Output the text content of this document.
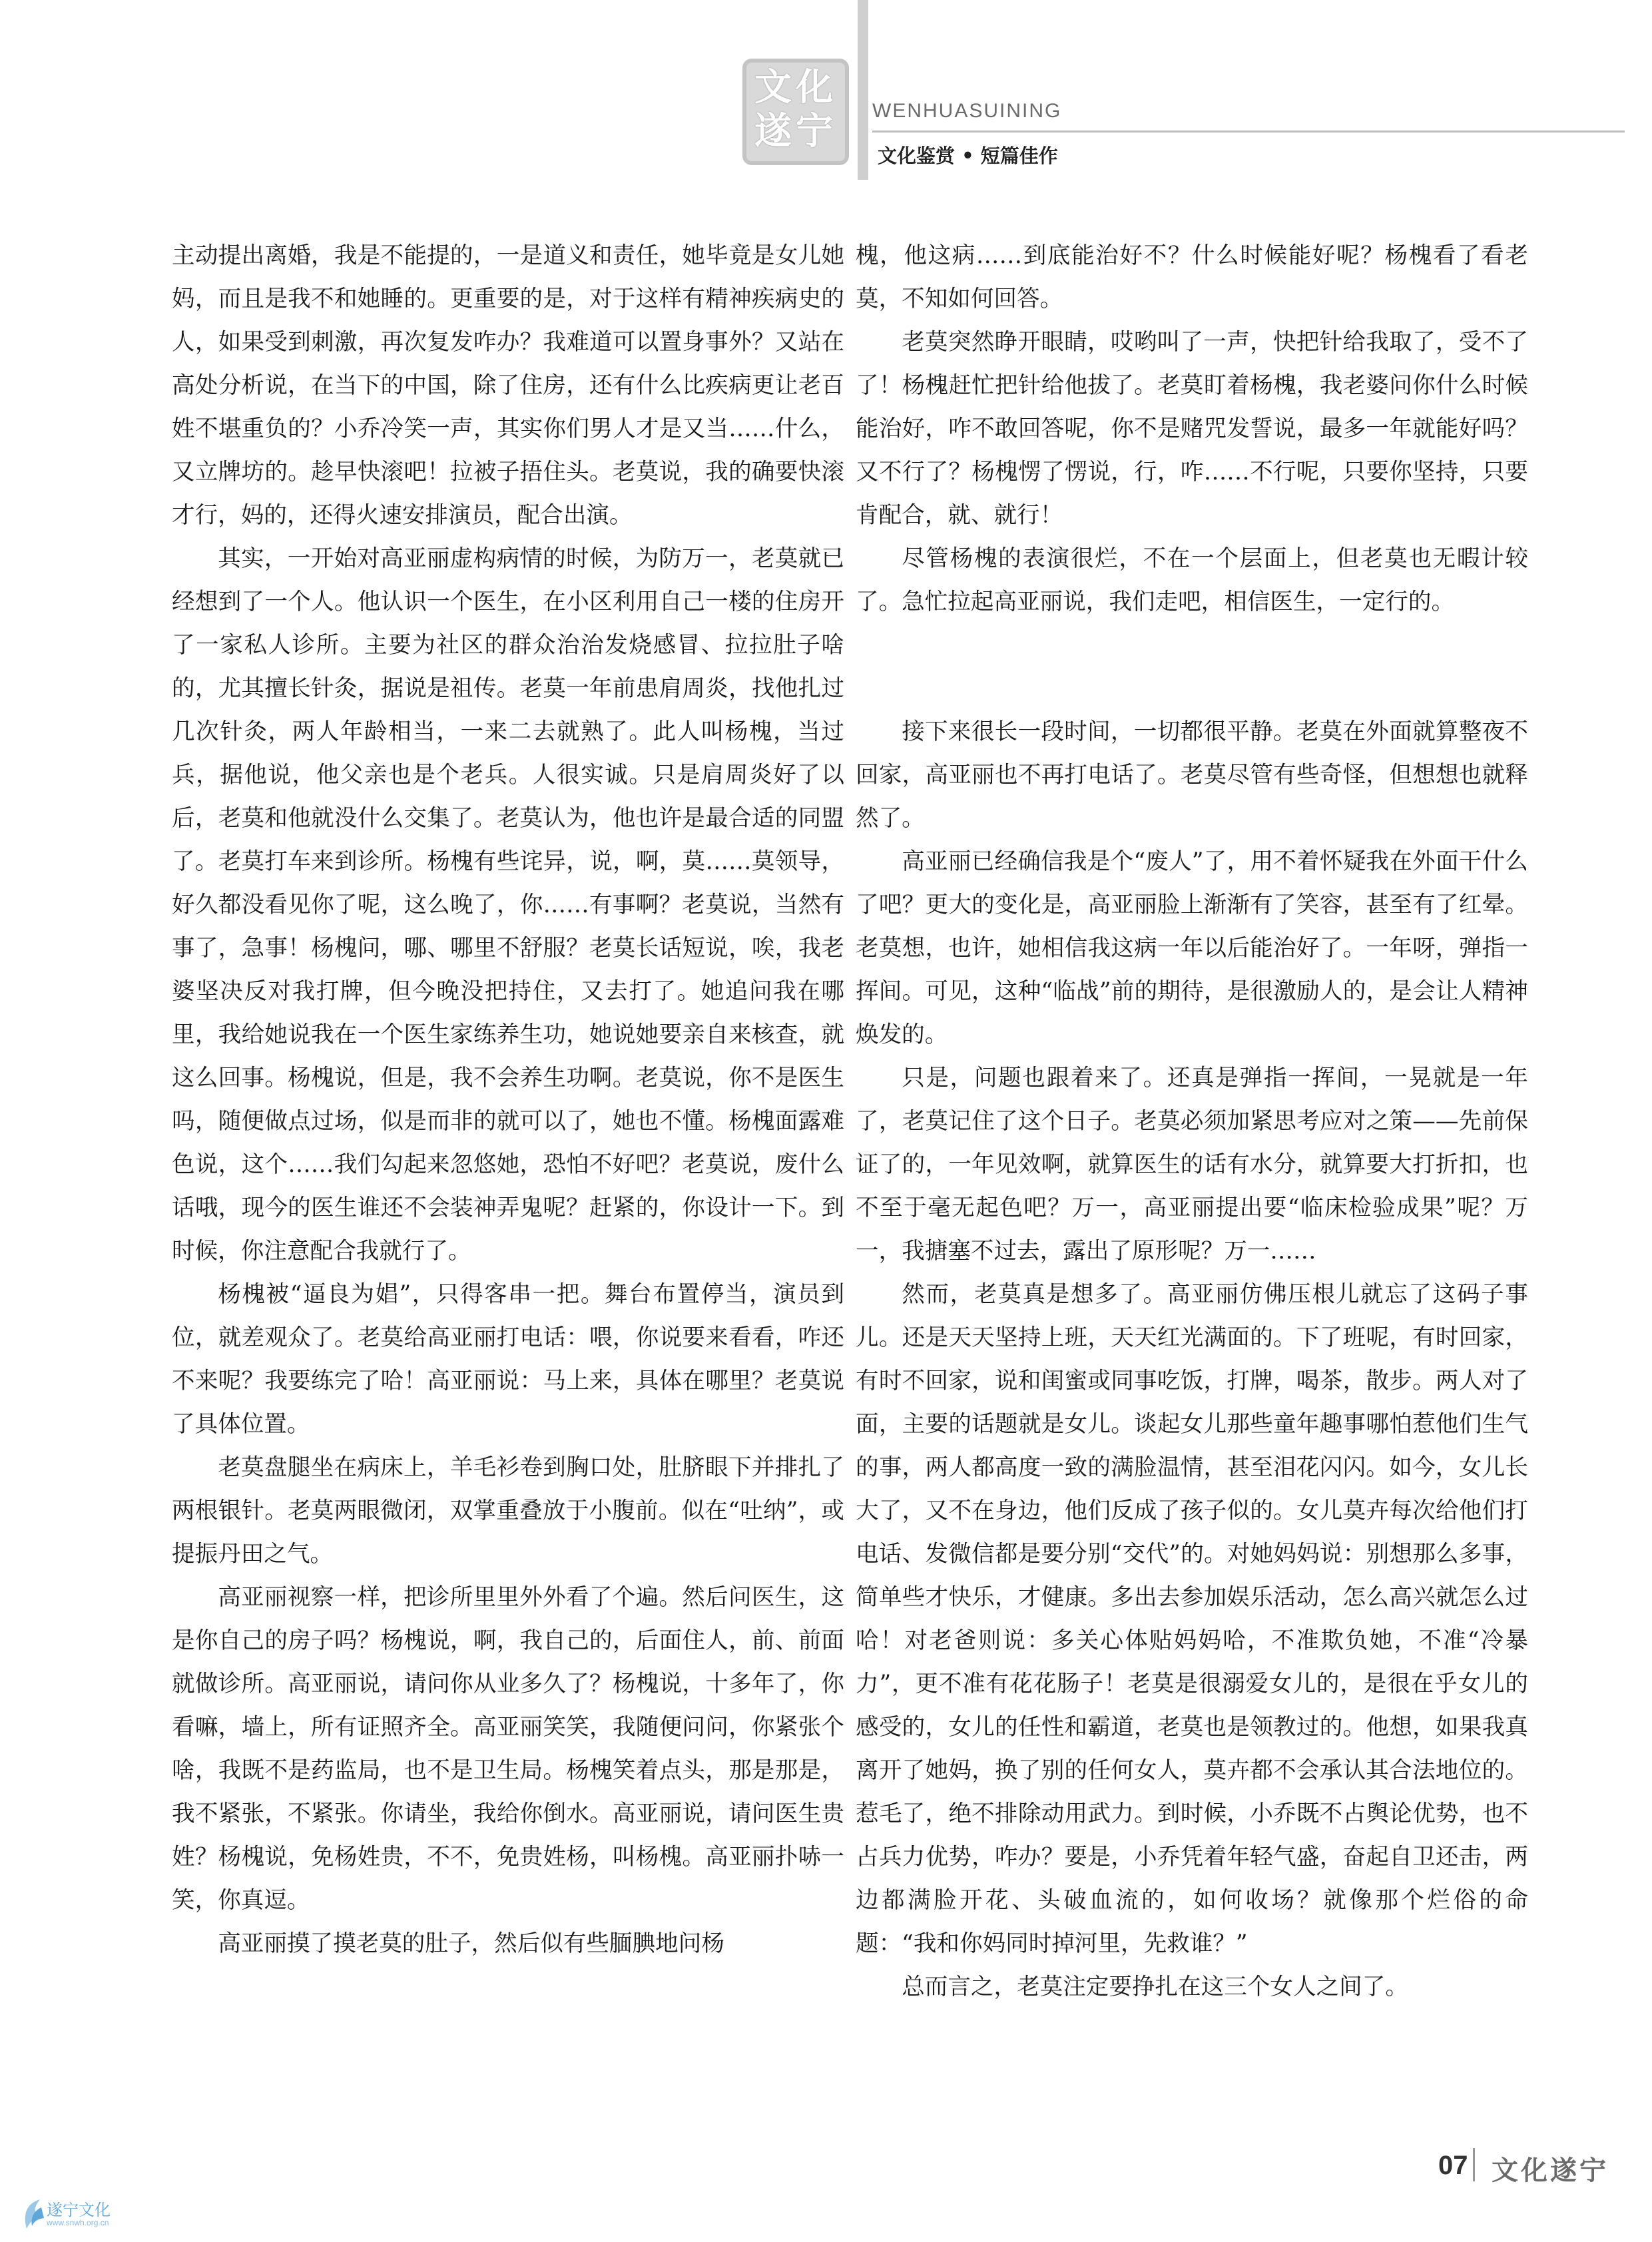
文化遂宁 WENHUASUINING
文化鉴赏 • 短篇佳作

主动提出离婚，我是不能提的，一是道义和责任，她毕竟是女儿她妈，而且是我不和她睡的。更重要的是，对于这样有精神疾病史的人，如果受到刺激，再次复发咋办？我难道可以置身事外？又站在高处分析说，在当下的中国，除了住房，还有什么比疾病更让老百姓不堪重负的？小乔冷笑一声，其实你们男人才是又当……什么，又立牌坊的。趁早快滚吧！拉被子捂住头。老莫说，我的确要快滚才行，妈的，还得火速安排演员，配合出演。

其实，一开始对高亚丽虚构病情的时候，为防万一，老莫就已经想到了一个人。他认识一个医生，在小区利用自己一楼的住房开了一家私人诊所。主要为社区的群众治治发烧感冒、拉拉肚子啥的，尤其擅长针灸，据说是祖传。老莫一年前患肩周炎，找他扎过几次针灸，两人年龄相当，一来二去就熟了。此人叫杨槐，当过兵，据他说，他父亲也是个老兵。人很实诚。只是肩周炎好了以后，老莫和他就没什么交集了。老莫认为，他也许是最合适的同盟了。老莫打车来到诊所。杨槐有些诧异，说，啊，莫……莫领导，好久都没看见你了呢，这么晚了，你……有事啊？老莫说，当然有事了，急事！杨槐问，哪、哪里不舒服？老莫长话短说，唉，我老婆坚决反对我打牌，但今晚没把持住，又去打了。她追问我在哪里，我给她说我在一个医生家练养生功，她说她要亲自来核查，就这么回事。杨槐说，但是，我不会养生功啊。老莫说，你不是医生吗，随便做点过场，似是而非的就可以了，她也不懂。杨槐面露难色说，这个……我们勾起来忽悠她，恐怕不好吧？老莫说，废什么话哦，现今的医生谁还不会装神弄鬼呢？赶紧的，你设计一下。到时候，你注意配合我就行了。

杨槐被“逼良为娼”，只得客串一把。舞台布置停当，演员到位，就差观众了。老莫给高亚丽打电话：喂，你说要来看看，咋还不来呢？我要练完了哈！高亚丽说：马上来，具体在哪里？老莫说了具体位置。

老莫盘腿坐在病床上，羊毛衫卷到胸口处，肚脐眼下并排扎了两根银针。老莫两眼微闭，双掌重叠放于小腹前。似在“吐纳”，或提振丹田之气。

高亚丽视察一样，把诊所里里外外看了个遍。然后问医生，这是你自己的房子吗？杨槐说，啊，我自己的，后面住人，前、前面就做诊所。高亚丽说，请问你从业多久了？杨槐说，十多年了，你看嘛，墙上，所有证照齐全。高亚丽笑笑，我随便问问，你紧张个啥，我既不是药监局，也不是卫生局。杨槐笑着点头，那是那是，我不紧张，不紧张。你请坐，我给你倒水。高亚丽说，请问医生贵姓？杨槐说，免杨姓贵，不不，免贵姓杨，叫杨槐。高亚丽扑哧一笑，你真逗。

高亚丽摸了摸老莫的肚子，然后似有些腼腆地问杨

槐，他这病……到底能治好不？什么时候能好呢？杨槐看了看老莫，不知如何回答。

老莫突然睁开眼睛，哎哟叫了一声，快把针给我取了，受不了了！杨槐赶忙把针给他拔了。老莫盯着杨槐，我老婆问你什么时候能治好，咋不敢回答呢，你不是赌咒发誓说，最多一年就能好吗？又不行了？杨槐愣了愣说，行，咋……不行呢，只要你坚持，只要肯配合，就、就行！

尽管杨槐的表演很烂，不在一个层面上，但老莫也无暇计较了。急忙拉起高亚丽说，我们走吧，相信医生，一定行的。

接下来很长一段时间，一切都很平静。老莫在外面就算整夜不回家，高亚丽也不再打电话了。老莫尽管有些奇怪，但想想也就释然了。

高亚丽已经确信我是个“废人”了，用不着怀疑我在外面干什么了吧？更大的变化是，高亚丽脸上渐渐有了笑容，甚至有了红晕。老莫想，也许，她相信我这病一年以后能治好了。一年呀，弹指一挥间。可见，这种“临战”前的期待，是很激励人的，是会让人精神焕发的。

只是，问题也跟着来了。还真是弹指一挥间，一晃就是一年了，老莫记住了这个日子。老莫必须加紧思考应对之策——先前保证了的，一年见效啊，就算医生的话有水分，就算要大打折扣，也不至于毫无起色吧？万一，高亚丽提出要“临床检验成果”呢？万一，我搪塞不过去，露出了原形呢？万一……

然而，老莫真是想多了。高亚丽仿佛压根儿就忘了这码子事儿。还是天天坚持上班，天天红光满面的。下了班呢，有时回家，有时不回家，说和闺蜜或同事吃饭，打牌，喝茶，散步。两人对了面，主要的话题就是女儿。谈起女儿那些童年趣事哪怕惹他们生气的事，两人都高度一致的满脸温情，甚至泪花闪闪。如今，女儿长大了，又不在身边，他们反成了孩子似的。女儿莫卉每次给他们打电话、发微信都是要分别“交代”的。对她妈妈说：别想那么多事，简单些才快乐，才健康。多出去参加娱乐活动，怎么高兴就怎么过哈！对老爸则说：多关心体贴妈妈哈，不准欺负她，不准“冷暴力”，更不准有花花肠子！老莫是很溺爱女儿的，是很在乎女儿的感受的，女儿的任性和霸道，老莫也是领教过的。他想，如果我真离开了她妈，换了别的任何女人，莫卉都不会承认其合法地位的。惹毛了，绝不排除动用武力。到时候，小乔既不占舆论优势，也不占兵力优势，咋办？要是，小乔凭着年轻气盛，奋起自卫还击，两边都满脸开花、头破血流的，如何收场？就像那个烂俗的命题：“我和你妈同时掉河里，先救谁？”

总而言之，老莫注定要挣扎在这三个女人之间了。

07 文化遂宁
遂宁文化
www.snwh.org.cn
